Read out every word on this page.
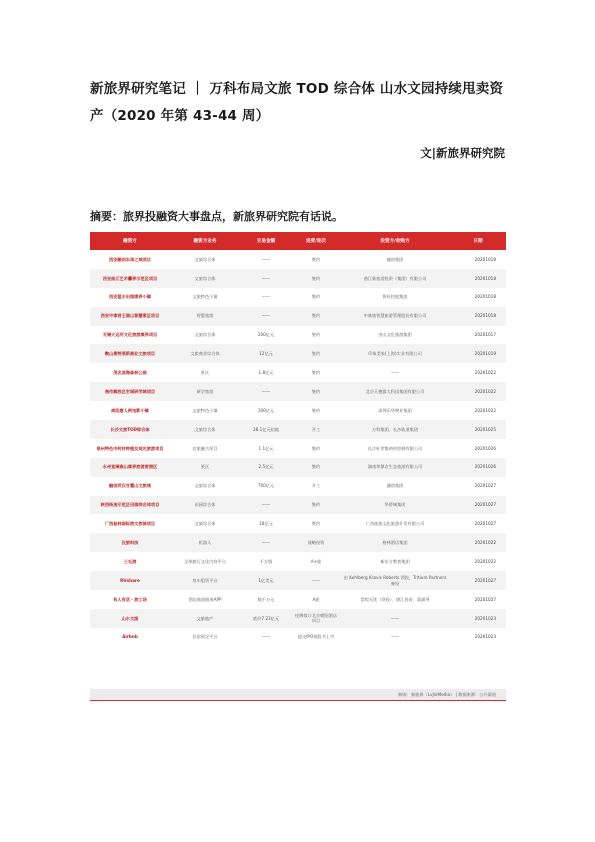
新旅界研究笔记 ｜ 万科布局文旅 TOD 综合体 山水文园持续甩卖资产（2020 年第 43-44 周）
文|新旅界研究院
摘要：旅界投融资大事盘点，新旅界研究院有话说。
融资方	融资方业务	交易金额	进度/轮次	投资方/收购方	日期
西安融创丰泽之城项目	文旅综合体	——	签约	融创集团	20201018
西安曲江艺术爨养示范区项目	文旅综合体	——	签约	曲江新旅游投资（集团）有限公司	20201018
西安蓝水田园康养小镇	文旅特色小镇	——	签约	智旺控股集团	20201018
西安中康君王湖山智慧景区项目	智慧旅游	——	签约	中康旅智慧旅游管理股份有限公司	20201018
无锡大运河文化旅游康养项目	文旅综合体	200亿元	签约	由山文化旅游集团	20201017
鞍山奥特莱斯商业文旅项目	文旅商业综合体	12亿元	签约	印象美家(上海)实业有限公司	20201019
茂名滨海森林公园	景区	1.8亿元	签约	——	20201022
焦作解放区宏瑶研学城项目	研学旅游	——	签约	北京天德露大科技集团有限公司	20201022
咸阳唐人街电影小镇	文旅特色小镇	300亿元	签约	深圳乐华物业集团	20201022
长沙文旅TOD综合体	文旅综合体	28.1亿元拍地	开工	万科集团、长沙轨道集团	20201025
泉州特色中药材种植及观光旅游项目	农旅融合项目	1.1亿元	签约	长汴旺世集药材控制有限公司	20201026
永州宣阔高山康养旅游度假区	景区	2.5亿元	签约	湖南邦鼎农生态旅游有限公司	20201026
融创武汉甘露山文旅城	文旅综合体	700亿元	开工	融创集团	20201027
陕西杨凌示范区田园综合体项目	田园综合体	——	签约	华侨城集团	20201027
广西桂林国际旅文旅城项目	文旅综合体	18亿元	签约	广西桂旅文化旅游开发有限公司	20201027
仪旅科技	机器人	——	战略投资	格林酒店集团	20201022
三毛游	全球旅行文化内容平台	千万级	A+轮	新东方教育集团	20201022
RVshare	房车租赁平台	1亿美元	——	由 Kohlberg Kravis Roberts 领投，Tritium Partners 参投	20201027
有人有活 · 旅工场	酒店旅游服务APP	数千万元	A轮	崇程无忧（领投）、锦江投资、晨涌琴	20201027
山水文园	文旅地产	底价7.23亿元	挂牌拟让北京朝阳酒店项目	——	20201023
Airbnb	民宿预定平台	——	提交IPO招股书上市	——	20201023
制表：新旅界（LvJieMedia） | 数据来源：公开渠道
